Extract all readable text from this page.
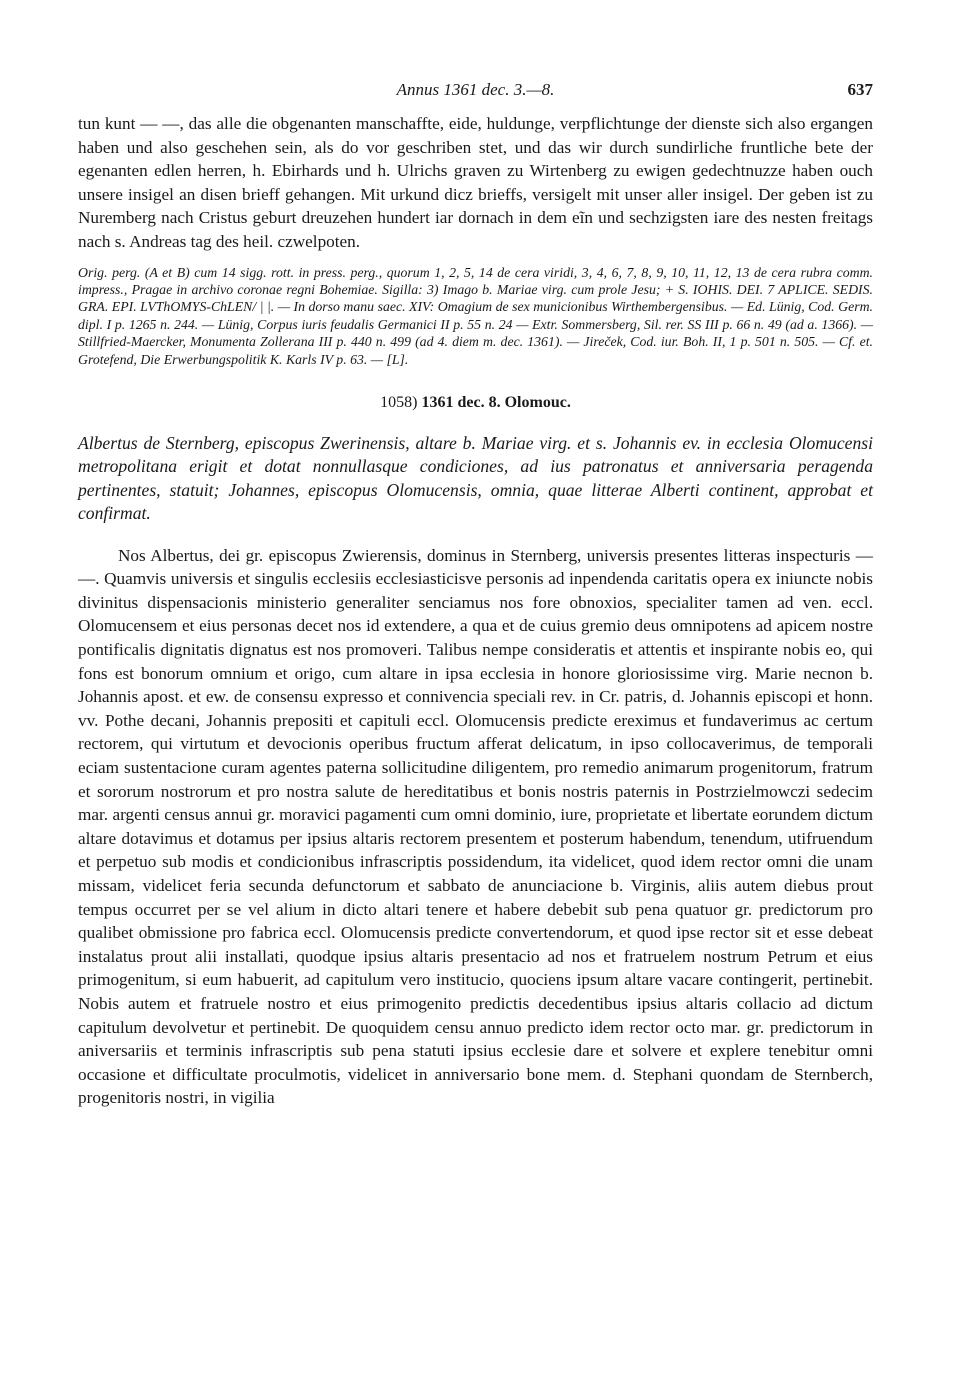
Annus 1361 dec. 3.—8.	637

tun kunt — —, das alle die obgenanten manschaffte, eide, huldunge, verpflichtunge der dienste sich also ergangen haben und also geschehen sein, als do vor geschriben stet, und das wir durch sundirliche fruntliche bete der egenanten edlen herren, h. Ebirhards und h. Ulrichs graven zu Wirtenberg zu ewigen gedechtnuzze haben ouch unsere insigel an disen brieff gehangen. Mit urkund dicz brieffs, versigelt mit unser aller insigel. Der geben ist zu Nuremberg nach Cristus geburt dreuzehen hundert iar dornach in dem eĩn und sechzigsten iare des nesten freitags nach s. Andreas tag des heil. czwelpoten.

Orig. perg. (A et B) cum 14 sigg. rott. in press. perg., quorum 1, 2, 5, 14 de cera viridi, 3, 4, 6, 7, 8, 9, 10, 11, 12, 13 de cera rubra comm. impress., Pragae in archivo coronae regni Bohemiae. Sigilla: 3) Imago b. Mariae virg. cum prole Jesu; + S. IOHIS. DEI. 7 APLICE. SEDIS. GRA. EPI. LVThOMYS-ChLEN/ | |. — In dorso manu saec. XIV: Omagium de sex municionibus Wirthembergensibus. — Ed. Lünig, Cod. Germ. dipl. I p. 1265 n. 244. — Lünig, Corpus iuris feudalis Germanici II p. 55 n. 24 — Extr. Sommersberg, Sil. rer. SS III p. 66 n. 49 (ad a. 1366). — Stillfried-Maercker, Monumenta Zollerana III p. 440 n. 499 (ad 4. diem m. dec. 1361). — Jireček, Cod. iur. Boh. II, 1 p. 501 n. 505. — Cf. et. Grotefend, Die Erwerbungspolitik K. Karls IV p. 63. — [L].

1058) 1361 dec. 8. Olomouc.

Albertus de Sternberg, episcopus Zwerinensis, altare b. Mariae virg. et s. Johannis ev. in ecclesia Olomucensi metropolitana erigit et dotat nonnullasque condiciones, ad ius patronatus et anniversaria peragenda pertinentes, statuit; Johannes, episcopus Olomucensis, omnia, quae litterae Alberti continent, approbat et confirmat.

Nos Albertus, dei gr. episcopus Zwierensis, dominus in Sternberg, universis presentes litteras inspecturis — —. Quamvis universis et singulis ecclesiis ecclesiasticisve personis ad inpendenda caritatis opera ex iniuncte nobis divinitus dispensacionis ministerio generaliter senciamus nos fore obnoxios, specialiter tamen ad ven. eccl. Olomucensem et eius personas decet nos id extendere, a qua et de cuius gremio deus omnipotens ad apicem nostre pontificalis dignitatis dignatus est nos promoveri. Talibus nempe consideratis et attentis et inspirante nobis eo, qui fons est bonorum omnium et origo, cum altare in ipsa ecclesia in honore gloriosissime virg. Marie necnon b. Johannis apost. et ew. de consensu expresso et connivencia speciali rev. in Cr. patris, d. Johannis episcopi et honn. vv. Pothe decani, Johannis prepositi et capituli eccl. Olomucensis predicte ereximus et fundaverimus ac certum rectorem, qui virtutum et devocionis operibus fructum afferat delicatum, in ipso collocaverimus, de temporali eciam sustentacione curam agentes paterna sollicitudine diligentem, pro remedio animarum progenitorum, fratrum et sororum nostrorum et pro nostra salute de hereditatibus et bonis nostris paternis in Postrzielmowczi sedecim mar. argenti census annui gr. moravici pagamenti cum omni dominio, iure, proprietate et libertate eorundem dictum altare dotavimus et dotamus per ipsius altaris rectorem presentem et posterum habendum, tenendum, utifruendum et perpetuo sub modis et condicionibus infrascriptis possidendum, ita videlicet, quod idem rector omni die unam missam, videlicet feria secunda defunctorum et sabbato de anunciacione b. Virginis, aliis autem diebus prout tempus occurret per se vel alium in dicto altari tenere et habere debebit sub pena quatuor gr. predictorum pro qualibet obmissione pro fabrica eccl. Olomucensis predicte convertendorum, et quod ipse rector sit et esse debeat instalatus prout alii installati, quodque ipsius altaris presentacio ad nos et fratruelem nostrum Petrum et eius primogenitum, si eum habuerit, ad capitulum vero institucio, quociens ipsum altare vacare contingerit, pertinebit. Nobis autem et fratruele nostro et eius primogenito predictis decedentibus ipsius altaris collacio ad dictum capitulum devolvetur et pertinebit. De quoquidem censu annuo predicto idem rector octo mar. gr. predictorum in aniversariis et terminis infrascriptis sub pena statuti ipsius ecclesie dare et solvere et explere tenebitur omni occasione et difficultate proculmotis, videlicet in anniversario bone mem. d. Stephani quondam de Sternberch, progenitoris nostri, in vigilia
